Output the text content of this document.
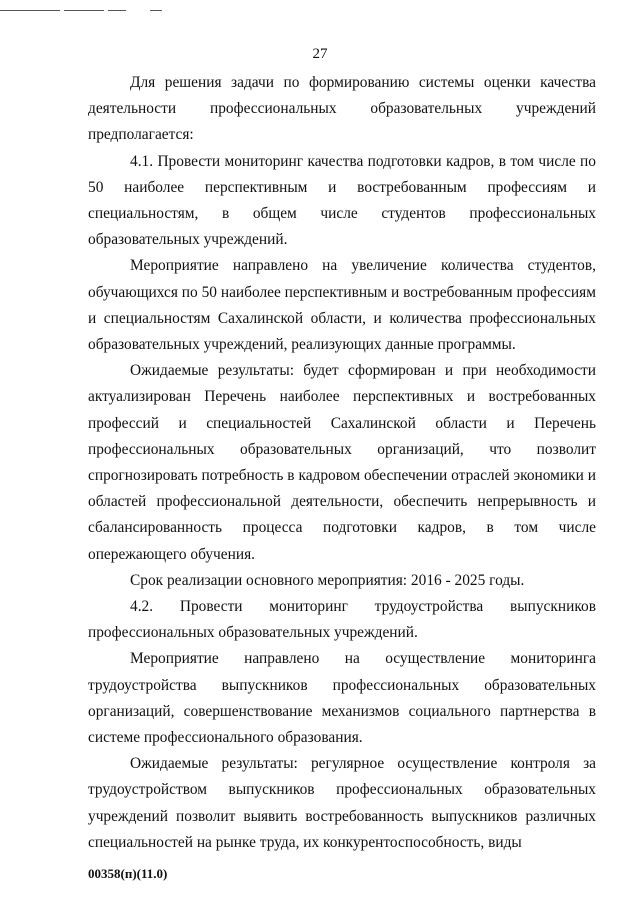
27

Для решения задачи по формированию системы оценки качества деятельности профессиональных образовательных учреждений предполагается:

4.1. Провести мониторинг качества подготовки кадров, в том числе по 50 наиболее перспективным и востребованным профессиям и специальностям, в общем числе студентов профессиональных образовательных учреждений.

Мероприятие направлено на увеличение количества студентов, обучающихся по 50 наиболее перспективным и востребованным профессиям и специальностям Сахалинской области, и количества профессиональных образовательных учреждений, реализующих данные программы.

Ожидаемые результаты: будет сформирован и при необходимости актуализирован Перечень наиболее перспективных и востребованных профессий и специальностей Сахалинской области и Перечень профессиональных образовательных организаций, что позволит спрогнозировать потребность в кадровом обеспечении отраслей экономики и областей профессиональной деятельности, обеспечить непрерывность и сбалансированность процесса подготовки кадров, в том числе опережающего обучения.

Срок реализации основного мероприятия: 2016 - 2025 годы.

4.2. Провести мониторинг трудоустройства выпускников профессиональных образовательных учреждений.

Мероприятие направлено на осуществление мониторинга трудоустройства выпускников профессиональных образовательных организаций, совершенствование механизмов социального партнерства в системе профессионального образования.

Ожидаемые результаты: регулярное осуществление контроля за трудоустройством выпускников профессиональных образовательных учреждений позволит выявить востребованность выпускников различных специальностей на рынке труда, их конкурентоспособность, виды

00358(п)(11.0)
